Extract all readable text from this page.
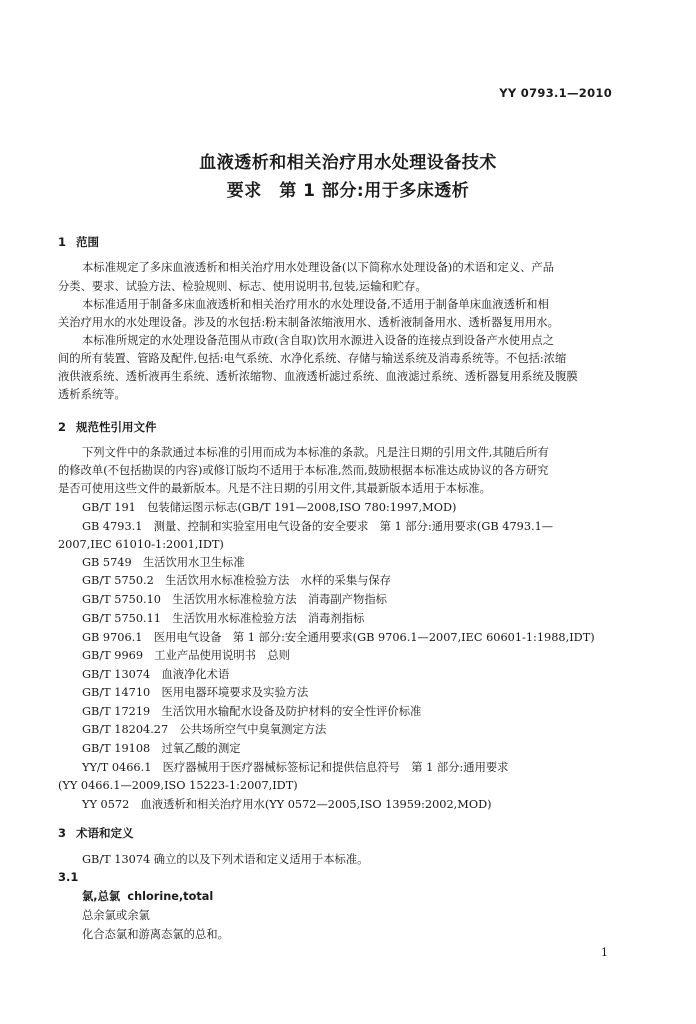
YY 0793.1—2010
血液透析和相关治疗用水处理设备技术
要求　第 1 部分:用于多床透析
1 范围
本标准规定了多床血液透析和相关治疗用水处理设备(以下简称水处理设备)的术语和定义、产品
分类、要求、试验方法、检验规则、标志、使用说明书,包装,运输和贮存。
本标准适用于制备多床血液透析和相关治疗用水的水处理设备,不适用于制备单床血液透析和相
关治疗用水的水处理设备。涉及的水包括:粉末制备浓缩液用水、透析液制备用水、透析器复用用水。
本标准所规定的水处理设备范围从市政(含自取)饮用水源进入设备的连接点到设备产水使用点之
间的所有装置、管路及配件,包括:电气系统、水净化系统、存储与输送系统及消毒系统等。不包括:浓缩
液供液系统、透析液再生系统、透析浓缩物、血液透析滤过系统、血液滤过系统、透析器复用系统及腹膜
透析系统等。
2 规范性引用文件
下列文件中的条款通过本标准的引用而成为本标准的条款。凡是注日期的引用文件,其随后所有
的修改单(不包括勘误的内容)或修订版均不适用于本标准,然而,鼓励根据本标准达成协议的各方研究
是否可使用这些文件的最新版本。凡是不注日期的引用文件,其最新版本适用于本标准。
GB/T 191　包装储运图示标志(GB/T 191—2008,ISO 780:1997,MOD)
GB 4793.1　测量、控制和实验室用电气设备的安全要求　第 1 部分:通用要求(GB 4793.1—
2007,IEC 61010-1:2001,IDT)
GB 5749　生活饮用水卫生标准
GB/T 5750.2　生活饮用水标准检验方法　水样的采集与保存
GB/T 5750.10　生活饮用水标准检验方法　消毒副产物指标
GB/T 5750.11　生活饮用水标准检验方法　消毒剂指标
GB 9706.1　医用电气设备　第 1 部分:安全通用要求(GB 9706.1—2007,IEC 60601-1:1988,IDT)
GB/T 9969　工业产品使用说明书　总则
GB/T 13074　血液净化术语
GB/T 14710　医用电器环境要求及实验方法
GB/T 17219　生活饮用水输配水设备及防护材料的安全性评价标准
GB/T 18204.27　公共场所空气中臭氧测定方法
GB/T 19108　过氧乙酸的测定
YY/T 0466.1　医疗器械用于医疗器械标签标记和提供信息符号　第 1 部分:通用要求
(YY 0466.1—2009,ISO 15223-1:2007,IDT)
YY 0572　血液透析和相关治疗用水(YY 0572—2005,ISO 13959:2002,MOD)
3 术语和定义
GB/T 13074 确立的以及下列术语和定义适用于本标准。
3.1
氯,总氯 chlorine,total
总余氯或余氯
化合态氯和游离态氯的总和。
1
